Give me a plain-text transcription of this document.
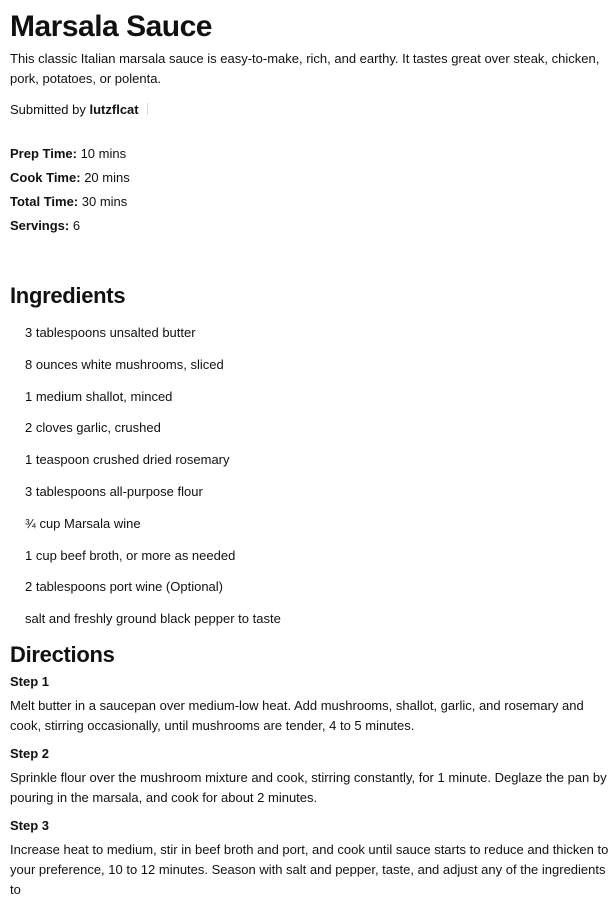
Marsala Sauce

This classic Italian marsala sauce is easy-to-make, rich, and earthy. It tastes great over steak, chicken, pork, potatoes, or polenta.

Submitted by lutzflcat
Prep Time: 10 mins
Cook Time: 20 mins
Total Time: 30 mins
Servings: 6
Ingredients
3 tablespoons unsalted butter
8 ounces white mushrooms, sliced
1 medium shallot, minced
2 cloves garlic, crushed
1 teaspoon crushed dried rosemary
3 tablespoons all-purpose flour
¾ cup Marsala wine
1 cup beef broth, or more as needed
2 tablespoons port wine (Optional)
salt and freshly ground black pepper to taste
Directions
Step 1

Melt butter in a saucepan over medium-low heat. Add mushrooms, shallot, garlic, and rosemary and cook, stirring occasionally, until mushrooms are tender, 4 to 5 minutes.

Step 2

Sprinkle flour over the mushroom mixture and cook, stirring constantly, for 1 minute. Deglaze the pan by pouring in the marsala, and cook for about 2 minutes.

Step 3

Increase heat to medium, stir in beef broth and port, and cook until sauce starts to reduce and thicken to your preference, 10 to 12 minutes. Season with salt and pepper, taste, and adjust any of the ingredients to
